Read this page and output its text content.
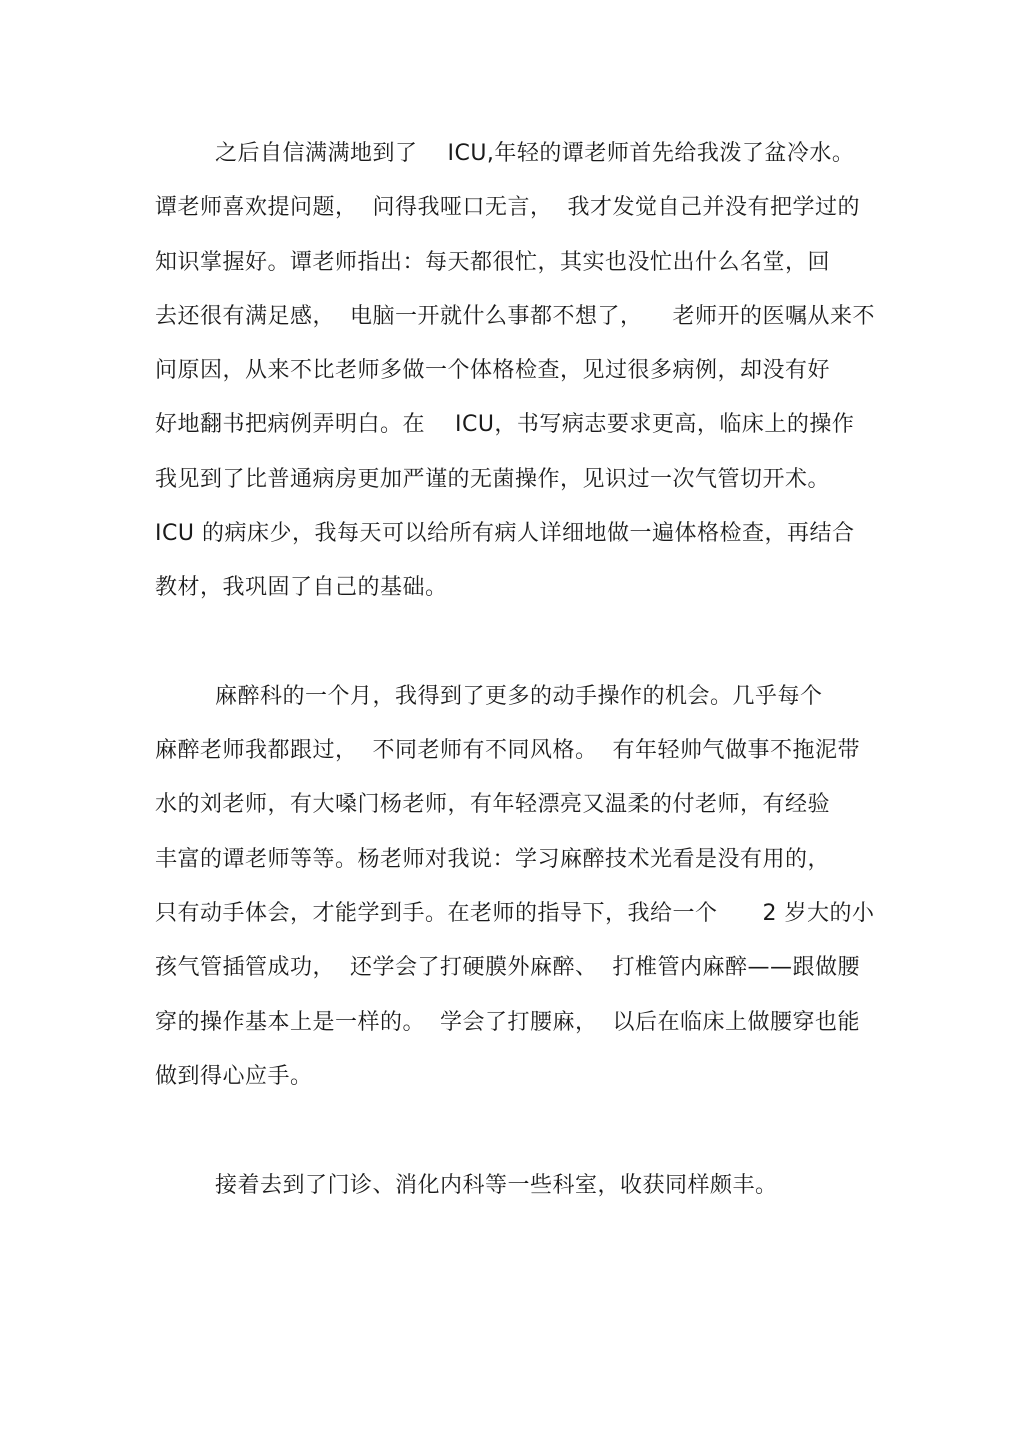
之后自信满满地到了    ICU,年轻的谭老师首先给我泼了盆冷水。
谭老师喜欢提问题，  问得我哑口无言，  我才发觉自己并没有把学过的
知识掌握好。谭老师指出：每天都很忙，其实也没忙出什么名堂，回
去还很有满足感，  电脑一开就什么事都不想了，    老师开的医嘱从来不
问原因，从来不比老师多做一个体格检查，见过很多病例，却没有好
好地翻书把病例弄明白。在    ICU，书写病志要求更高，临床上的操作
我见到了比普通病房更加严谨的无菌操作，见识过一次气管切开术。
ICU 的病床少，我每天可以给所有病人详细地做一遍体格检查，再结合
教材，我巩固了自己的基础。
麻醉科的一个月，我得到了更多的动手操作的机会。几乎每个
麻醉老师我都跟过，  不同老师有不同风格。  有年轻帅气做事不拖泥带
水的刘老师，有大嗓门杨老师，有年轻漂亮又温柔的付老师，有经验
丰富的谭老师等等。杨老师对我说：学习麻醉技术光看是没有用的，
只有动手体会，才能学到手。在老师的指导下，我给一个      2 岁大的小
孩气管插管成功，  还学会了打硬膜外麻醉、  打椎管内麻醉——跟做腰
穿的操作基本上是一样的。  学会了打腰麻，  以后在临床上做腰穿也能
做到得心应手。
接着去到了门诊、消化内科等一些科室，收获同样颇丰。
